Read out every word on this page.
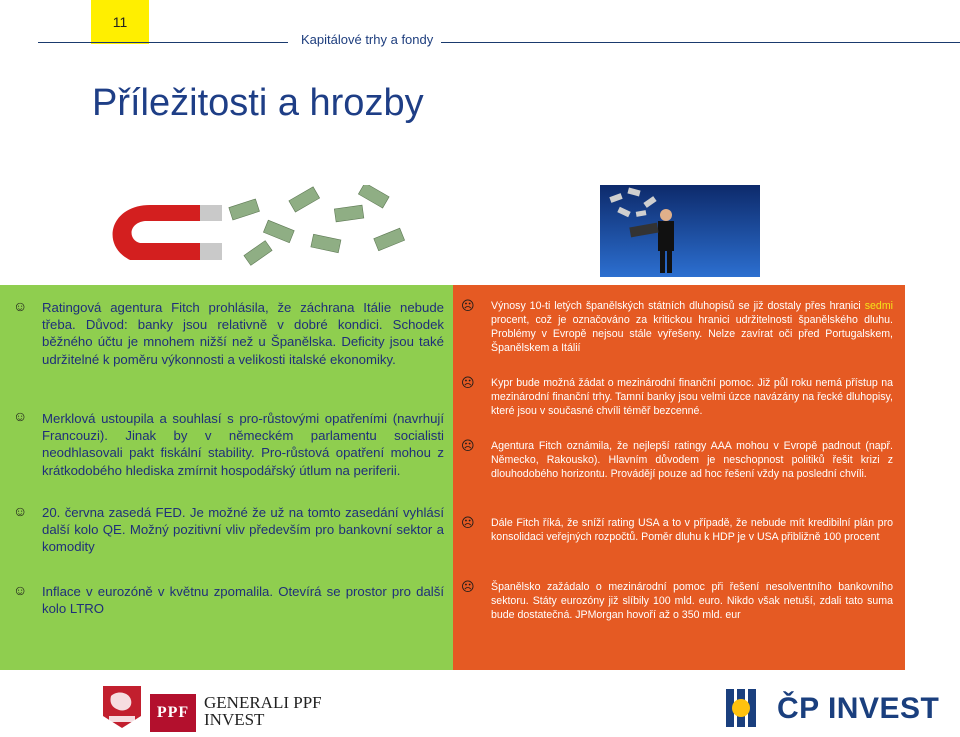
11
Kapitálové trhy a fondy
Příležitosti a hrozby
☺ Ratingová agentura Fitch prohlásila, že záchrana Itálie nebude třeba. Důvod: banky jsou relativně v dobré kondici. Schodek běžného účtu je mnohem nižší než u Španělska. Deficity jsou také udržitelné k poměru výkonnosti a velikosti italské ekonomiky.
☺ Merklová ustoupila a souhlasí s pro-růstovými opatřeními (navrhují Francouzi). Jinak by v německém parlamentu socialisti neodhlasovali pakt fiskální stability. Pro-růstová opatření mohou z krátkodobého hlediska zmírnit hospodářský útlum na periferii.
☺ 20. června zasedá FED. Je možné že už na tomto zasedání vyhlásí další kolo QE. Možný pozitivní vliv především pro bankovní sektor a komodity
☺ Inflace v eurozóně v květnu zpomalila. Otevírá se prostor pro další kolo LTRO
☹ Výnosy 10-ti letých španělských státních dluhopisů se již dostaly přes hranici sedmi procent, což je označováno za kritickou hranici udržitelnosti španělského dluhu. Problémy v Evropě nejsou stále vyřešeny. Nelze zavírat oči před Portugalskem, Španělskem a Itálií
☹ Kypr bude možná žádat o mezinárodní finanční pomoc. Již půl roku nemá přístup na mezinárodní finanční trhy. Tamní banky jsou velmi úzce navázány na řecké dluhopisy, které jsou v současné chvíli téměř bezcenné.
☹ Agentura Fitch oznámila, že nejlepší ratingy AAA mohou v Evropě padnout (např. Německo, Rakousko). Hlavním důvodem je neschopnost politiků řešit krizi z dlouhodobého horizontu. Provádějí pouze ad hoc řešení vždy na poslední chvíli.
☹ Dále Fitch říká, že sníží rating USA a to v případě, že nebude mít kredibilní plán pro konsolidaci veřejných rozpočtů. Poměr dluhu k HDP je v USA přibližně 100 procent
☹ Španělsko zažádalo o mezinárodní pomoc při řešení nesolventního bankovního sektoru. Státy eurozóny již slíbily 100 mld. euro. Nikdo však netuší, zdali tato suma bude dostatečná. JPMorgan hovoří až o 350 mld. eur
PPF
GENERALI PPF
INVEST	ČP INVEST
